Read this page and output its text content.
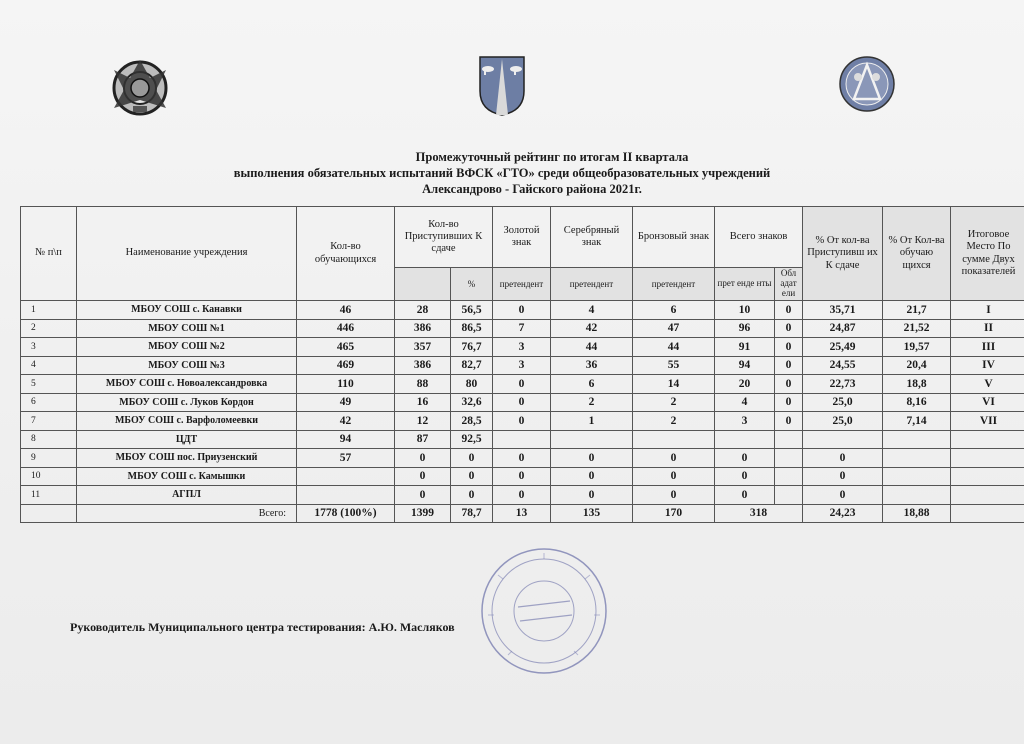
Промежуточный рейтинг по итогам II квартала
выполнения обязательных испытаний ВФСК «ГТО» среди общеобразовательных учреждений
Александрово - Гайского района 2021г.
№ п\п	Наименование учреждения	Кол-во обучающихся	Кол-во Приступивших К сдаче		Золотой знак	Серебряный знак	Бронзовый знак	Всего знаков		% От кол-ва Приступивш их К сдаче	% От Кол-ва обучаю щихся	Итоговое Место По сумме Двух показателей
				%	претендент	претендент	претендент	прет енде нты	Обл адат ели			
1	МБОУ СОШ с. Канавки	46	28	56,5	0	4	6	10	0	35,71	21,7	I
2	МБОУ СОШ №1	446	386	86,5	7	42	47	96	0	24,87	21,52	II
3	МБОУ СОШ №2	465	357	76,7	3	44	44	91	0	25,49	19,57	III
4	МБОУ СОШ №3	469	386	82,7	3	36	55	94	0	24,55	20,4	IV
5	МБОУ СОШ с. Новоалександровка	110	88	80	0	6	14	20	0	22,73	18,8	V
6	МБОУ СОШ с. Луков Кордон	49	16	32,6	0	2	2	4	0	25,0	8,16	VI
7	МБОУ СОШ с. Варфоломеевки	42	12	28,5	0	1	2	3	0	25,0	7,14	VII
8	ЦДТ	94	87	92,5								
9	МБОУ СОШ пос. Приузенский	57	0	0	0	0	0	0		0		
10	МБОУ СОШ с. Камышки		0	0	0	0	0	0		0		
11	АГПЛ		0	0	0	0	0	0		0		
	Всего:	1778 (100%)	1399	78,7	13	135	170	318		24,23	18,88	
Руководитель Муниципального центра тестирования: А.Ю. Масляков
